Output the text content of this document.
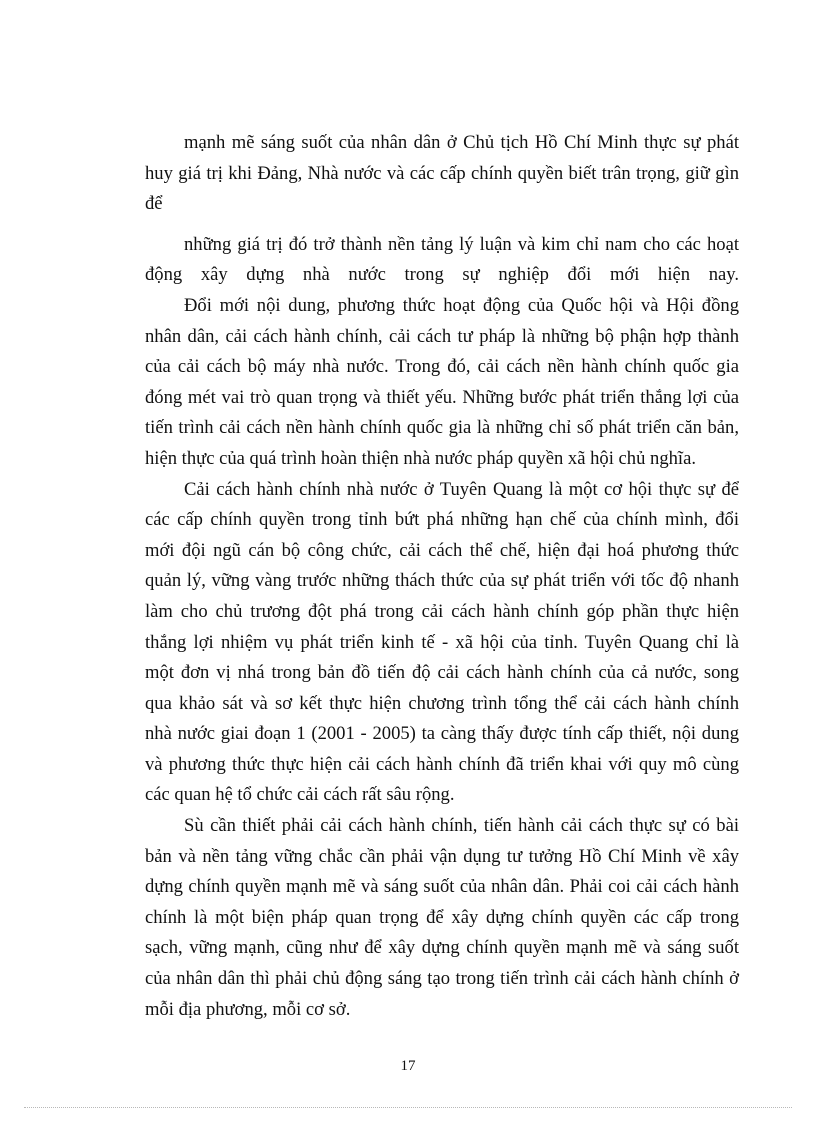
mạnh mẽ sáng suốt của nhân dân ở Chủ tịch Hồ Chí Minh thực sự phát
huy giá trị khi Đảng, Nhà nước và các cấp chính quyền biết trân trọng, giữ gìn
để
những giá trị đó trở thành nền tảng lý luận và kim chỉ nam cho các hoạt
động xây dựng nhà nước trong sự nghiệp đổi mới hiện nay.
Đổi mới nội dung, phương thức hoạt động của Quốc hội và Hội đồng
nhân dân, cải cách hành chính, cải cách tư pháp là những bộ phận hợp thành
của cải cách bộ máy nhà nước. Trong đó, cải cách nền hành chính quốc gia
đóng mét vai trò quan trọng và thiết yếu. Những bước phát triển thắng lợi của
tiến trình cải cách nền hành chính quốc gia là những chỉ số phát triển căn bản,
hiện thực của quá trình hoàn thiện nhà nước pháp quyền xã hội chủ nghĩa.
Cải cách hành chính nhà nước ở Tuyên Quang là một cơ hội thực sự để
các cấp chính quyền trong tỉnh bứt phá những hạn chế của chính mình, đổi
mới đội ngũ cán bộ công chức, cải cách thể chế, hiện đại hoá phương thức
quản lý, vững vàng trước những thách thức của sự phát triển với tốc độ nhanh
làm cho chủ trương đột phá trong cải cách hành chính góp phần thực hiện
thắng lợi nhiệm vụ phát triển kinh tế - xã hội của tỉnh. Tuyên Quang chỉ là
một đơn vị nhá trong bản đồ tiến độ cải cách hành chính của cả nước, song
qua khảo sát và sơ kết thực hiện chương trình tổng thể cải cách hành chính
nhà nước giai đoạn 1 (2001 - 2005) ta càng thấy được tính cấp thiết, nội dung
và phương thức thực hiện cải cách hành chính đã triển khai với quy mô cùng
các quan hệ tổ chức cải cách rất sâu rộng.
Sù cần thiết phải cải cách hành chính, tiến hành cải cách thực sự có bài
bản và nền tảng vững chắc cần phải vận dụng tư tưởng Hồ Chí Minh về xây
dựng chính quyền mạnh mẽ và sáng suốt của nhân dân. Phải coi cải cách hành
chính là một biện pháp quan trọng để xây dựng chính quyền các cấp trong
sạch, vững mạnh, cũng như để xây dựng chính quyền mạnh mẽ và sáng suốt
của nhân dân thì phải chủ động sáng tạo trong tiến trình cải cách hành chính ở
mỗi địa phương, mỗi cơ sở.
17
